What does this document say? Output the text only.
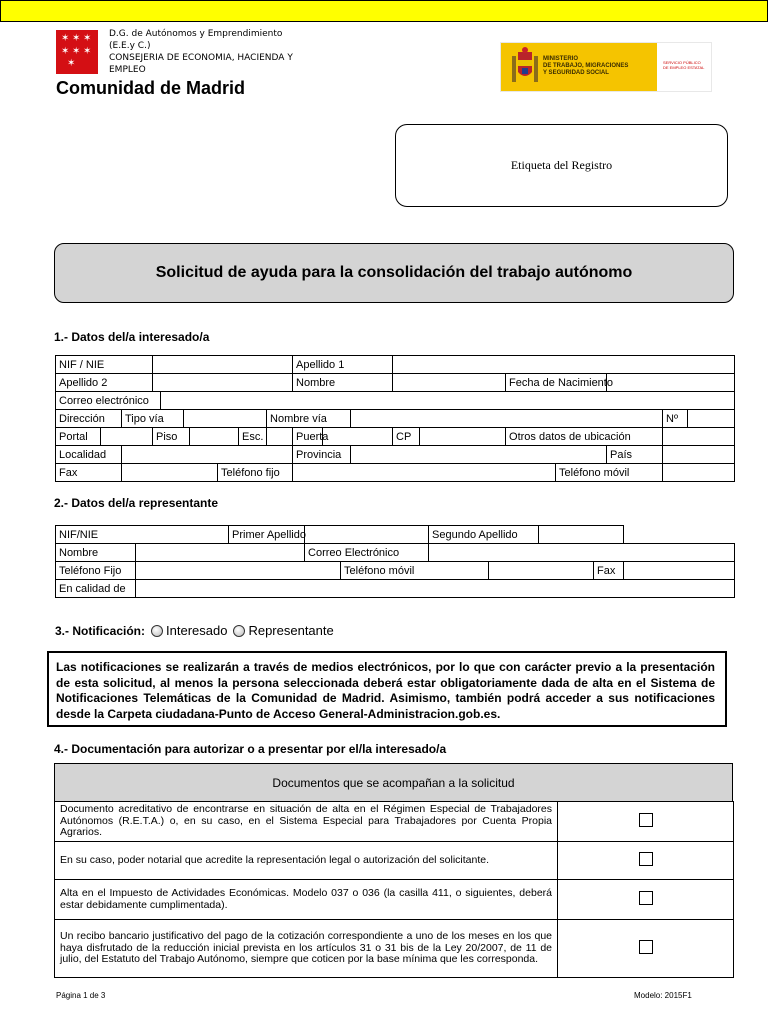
✶ ✶ ✶
✶ ✶ ✶
✶
D.G. de Autónomos y Emprendimiento (E.E.y C.)
CONSEJERIA DE ECONOMIA, HACIENDA Y EMPLEO
Comunidad de Madrid
MINISTERIO
DE TRABAJO, MIGRACIONES
Y SEGURIDAD SOCIAL
SERVICIO PÚBLICO
DE EMPLEO ESTATAL
Etiqueta del Registro
Solicitud de ayuda para la consolidación del trabajo autónomo
1.- Datos del/a interesado/a
NIF / NIE										Apellido 1									
Apellido 2										Nombre					Fecha de Nacimiento				
Correo electrónico																			
Dirección		Tipo vía							Nombre vía									Nº	
Portal			Piso					Esc.		Puerta			CP		Otros datos de ubicación				
Localidad										Provincia							País		
Fax							Teléfono fijo									Teléfono móvil			
2.- Datos del/a representante
NIF/NIE		Primer Apellido			Segundo Apellido				
Nombre			Correo Electrónico						
Teléfono Fijo				Teléfono móvil				Fax	
En calidad de									
3.- Notificación: Interesado Representante
Las notificaciones se realizarán a través de medios electrónicos, por lo que con carácter previo a la presentación de esta solicitud, al menos la persona seleccionada deberá estar obligatoriamente dada de alta en el Sistema de Notificaciones Telemáticas de la Comunidad de Madrid. Asimismo, también podrá acceder a sus notificaciones desde la Carpeta ciudadana-Punto de Acceso General-Administracion.gob.es.
4.- Documentación para autorizar o a presentar por el/la interesado/a
Documentos que se acompañan a la solicitud
Documento acreditativo de encontrarse en situación de alta en el Régimen Especial de Trabajadores Autónomos (R.E.T.A.) o, en su caso, en el Sistema Especial para Trabajadores por Cuenta Propia Agrarios.	
En su caso, poder notarial que acredite la representación legal o autorización del solicitante.	
Alta en el Impuesto de Actividades Económicas. Modelo 037 o 036 (la casilla 411, o siguientes, deberá estar debidamente cumplimentada).	
Un recibo bancario justificativo del pago de la cotización correspondiente a uno de los meses en los que haya disfrutado de la reducción inicial prevista en los artículos 31 o 31 bis de la Ley 20/2007, de 11 de julio, del Estatuto del Trabajo Autónomo, siempre que coticen por la base mínima que les corresponda.	
Página 1 de 3	Modelo: 2015F1
